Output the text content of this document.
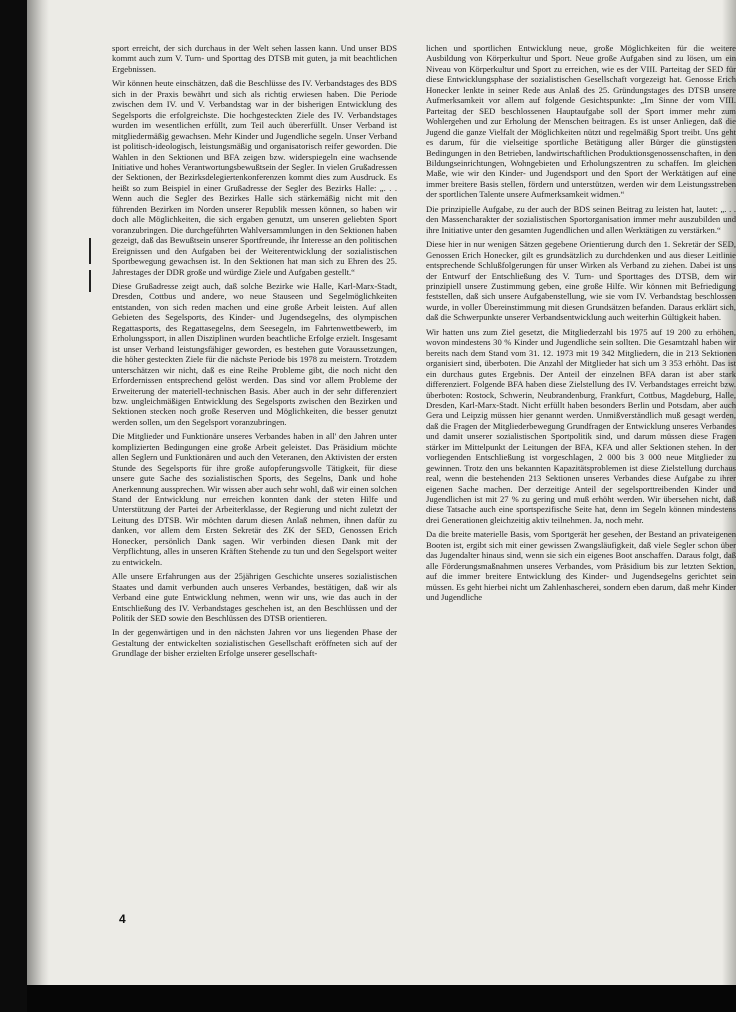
sport erreicht, der sich durchaus in der Welt sehen lassen kann. Und unser BDS kommt auch zum V. Turn- und Sporttag des DTSB mit guten, ja mit beachtlichen Ergebnissen.

Wir können heute einschätzen, daß die Beschlüsse des IV. Verbandstages des BDS sich in der Praxis bewährt und sich als richtig erwiesen haben. Die Periode zwischen dem IV. und V. Verbandstag war in der bisherigen Entwicklung des Segelsports die erfolgreichste. Die hochgesteckten Ziele des IV. Verbandstages wurden im wesentlichen erfüllt, zum Teil auch übererfüllt. Unser Verband ist mitgliedermäßig gewachsen. Mehr Kinder und Jugendliche segeln. Unser Verband ist politisch-ideologisch, leistungsmäßig und organisatorisch reifer geworden. Die Wahlen in den Sektionen und BFA zeigen bzw. widerspiegeln eine wachsende Initiative und hohes Verantwortungsbewußtsein der Segler. In vielen Grußadressen der Sektionen, der Bezirksdelegiertenkonferenzen kommt dies zum Ausdruck. Es heißt so zum Beispiel in einer Grußadresse der Segler des Bezirks Halle: „. . . Wenn auch die Segler des Bezirkes Halle sich stärkemäßig nicht mit den führenden Bezirken im Norden unserer Republik messen können, so haben wir doch alle Möglichkeiten, die sich ergaben genutzt, um unseren geliebten Sport voranzubringen. Die durchgeführten Wahlversammlungen in den Sektionen haben gezeigt, daß das Bewußtsein unserer Sportfreunde, ihr Interesse an den politischen Ereignissen und den Aufgaben bei der Weiterentwicklung der sozialistischen Sportbewegung gewachsen ist. In den Sektionen hat man sich zu Ehren des 25. Jahrestages der DDR große und würdige Ziele und Aufgaben gestellt.“

Diese Grußadresse zeigt auch, daß solche Bezirke wie Halle, Karl-Marx-Stadt, Dresden, Cottbus und andere, wo neue Stauseen und Segelmöglichkeiten entstanden, von sich reden machen und eine große Arbeit leisten. Auf allen Gebieten des Segelsports, des Kinder- und Jugendsegelns, des olympischen Regattasports, des Regattasegelns, dem Seesegeln, im Fahrtenwettbewerb, im Erholungssport, in allen Disziplinen wurden beachtliche Erfolge erzielt. Insgesamt ist unser Verband leistungsfähiger geworden, es bestehen gute Voraussetzungen, die höher gesteckten Ziele für die nächste Periode bis 1978 zu meistern. Trotzdem unterschätzen wir nicht, daß es eine Reihe Probleme gibt, die noch nicht den Erfordernissen entsprechend gelöst werden. Das sind vor allem Probleme der Erweiterung der materiell-technischen Basis. Aber auch in der sehr differenziert bzw. ungleichmäßigen Entwicklung des Segelsports zwischen den Bezirken und Sektionen stecken noch große Reserven und Möglichkeiten, die besser genutzt werden sollen, um den Segelsport voranzubringen.

Die Mitglieder und Funktionäre unseres Verbandes haben in all' den Jahren unter komplizierten Bedingungen eine große Arbeit geleistet. Das Präsidium möchte allen Seglern und Funktionären und auch den Veteranen, den Aktivisten der ersten Stunde des Segelsports für ihre große aufopferungsvolle Tätigkeit, für diese unsere gute Sache des sozialistischen Sports, des Segelns, Dank und hohe Anerkennung aussprechen. Wir wissen aber auch sehr wohl, daß wir einen solchen Stand der Entwicklung nur erreichen konnten dank der steten Hilfe und Unterstützung der Partei der Arbeiterklasse, der Regierung und nicht zuletzt der Leitung des DTSB. Wir möchten darum diesen Anlaß nehmen, ihnen dafür zu danken, vor allem dem Ersten Sekretär des ZK der SED, Genossen Erich Honecker, persönlich Dank sagen. Wir verbinden diesen Dank mit der Verpflichtung, alles in unseren Kräften Stehende zu tun und den Segelsport weiter zu entwickeln.

Alle unsere Erfahrungen aus der 25jährigen Geschichte unseres sozialistischen Staates und damit verbunden auch unseres Verbandes, bestätigen, daß wir als Verband eine gute Entwicklung nehmen, wenn wir uns, wie das auch in der Entschließung des IV. Verbandstages geschehen ist, an den Beschlüssen und der Politik der SED sowie den Beschlüssen des DTSB orientieren.

In der gegenwärtigen und in den nächsten Jahren vor uns liegenden Phase der Gestaltung der entwickelten sozialistischen Gesellschaft eröffneten sich auf der Grundlage der bisher erzielten Erfolge unserer gesellschaft-

lichen und sportlichen Entwicklung neue, große Möglichkeiten für die weitere Ausbildung von Körperkultur und Sport. Neue große Aufgaben sind zu lösen, um ein Niveau von Körperkultur und Sport zu erreichen, wie es der VIII. Parteitag der SED für diese Entwicklungsphase der sozialistischen Gesellschaft vorgezeigt hat. Genosse Erich Honecker lenkte in seiner Rede aus Anlaß des 25. Gründungstages des DTSB unsere Aufmerksamkeit vor allem auf folgende Gesichtspunkte: „Im Sinne der vom VIII. Parteitag der SED beschlossenen Hauptaufgabe soll der Sport immer mehr zum Wohlergehen und zur Erholung der Menschen beitragen. Es ist unser Anliegen, daß die Jugend die ganze Vielfalt der Möglichkeiten nützt und regelmäßig Sport treibt. Uns geht es darum, für die vielseitige sportliche Betätigung aller Bürger die günstigsten Bedingungen in den Betrieben, landwirtschaftlichen Produktionsgenossenschaften, in den Bildungseinrichtungen, Wohngebieten und Erholungszentren zu schaffen. Im gleichen Maße, wie wir den Kinder- und Jugendsport und den Sport der Werktätigen auf eine immer breitere Basis stellen, fördern und unterstützen, werden wir dem Leistungsstreben der sportlichen Talente unsere Aufmerksamkeit widmen.“

Die prinzipielle Aufgabe, zu der auch der BDS seinen Beitrag zu leisten hat, lautet: „. . . den Massencharakter der sozialistischen Sportorganisation immer mehr auszubilden und ihre Initiative unter den gesamten Jugendlichen und allen Werktätigen zu verstärken.“

Diese hier in nur wenigen Sätzen gegebene Orientierung durch den 1. Sekretär der SED, Genossen Erich Honecker, gilt es grundsätzlich zu durchdenken und aus dieser Leitlinie entsprechende Schlußfolgerungen für unser Wirken als Verband zu ziehen. Dabei ist uns der Entwurf der Entschließung des V. Turn- und Sporttages des DTSB, dem wir prinzipiell unsere Zustimmung geben, eine große Hilfe. Wir können mit Befriedigung feststellen, daß sich unsere Aufgabenstellung, wie sie vom IV. Verbandstag beschlossen wurde, in voller Übereinstimmung mit diesen Grundsätzen befanden. Daraus erklärt sich, daß die Schwerpunkte unserer Verbandsentwicklung auch weiterhin Gültigkeit haben.

Wir hatten uns zum Ziel gesetzt, die Mitgliederzahl bis 1975 auf 19 200 zu erhöhen, wovon mindestens 30 % Kinder und Jugendliche sein sollten. Die Gesamtzahl haben wir bereits nach dem Stand vom 31. 12. 1973 mit 19 342 Mitgliedern, die in 213 Sektionen organisiert sind, überboten. Die Anzahl der Mitglieder hat sich um 3 353 erhöht. Das ist ein durchaus gutes Ergebnis. Der Anteil der einzelnen BFA daran ist aber stark differenziert. Folgende BFA haben diese Zielstellung des IV. Verbandstages erreicht bzw. überboten: Rostock, Schwerin, Neubrandenburg, Frankfurt, Cottbus, Magdeburg, Halle, Dresden, Karl-Marx-Stadt. Nicht erfüllt haben besonders Berlin und Potsdam, aber auch Gera und Leipzig müssen hier genannt werden. Unmißverständlich muß gesagt werden, daß die Fragen der Mitgliederbewegung Grundfragen der Entwicklung unseres Verbandes und damit unserer sozialistischen Sportpolitik sind, und darum müssen diese Fragen stärker im Mittelpunkt der Leitungen der BFA, KFA und aller Sektionen stehen. In der vorliegenden Entschließung ist vorgeschlagen, 2 000 bis 3 000 neue Mitglieder zu gewinnen. Trotz den uns bekannten Kapazitätsproblemen ist diese Zielstellung durchaus real, wenn die bestehenden 213 Sektionen unseres Verbandes diese Aufgabe zu ihrer eigenen Sache machen. Der derzeitige Anteil der segelsporttreibenden Kinder und Jugendlichen ist mit 27 % zu gering und muß erhöht werden. Wir übersehen nicht, daß diese Tatsache auch eine sportspezifische Seite hat, denn im Segeln können mindestens drei Generationen gleichzeitig aktiv teilnehmen. Ja, noch mehr.

Da die breite materielle Basis, vom Sportgerät her gesehen, der Bestand an privateigenen Booten ist, ergibt sich mit einer gewissen Zwangsläufigkeit, daß viele Segler schon über das Jugendalter hinaus sind, wenn sie sich ein eigenes Boot anschaffen. Daraus folgt, daß alle Förderungsmaßnahmen unseres Verbandes, vom Präsidium bis zur letzten Sektion, auf die immer breitere Entwicklung des Kinder- und Jugendsegelns gerichtet sein müssen. Es geht hierbei nicht um Zahlenhascherei, sondern eben darum, daß mehr Kinder und Jugendliche

4
